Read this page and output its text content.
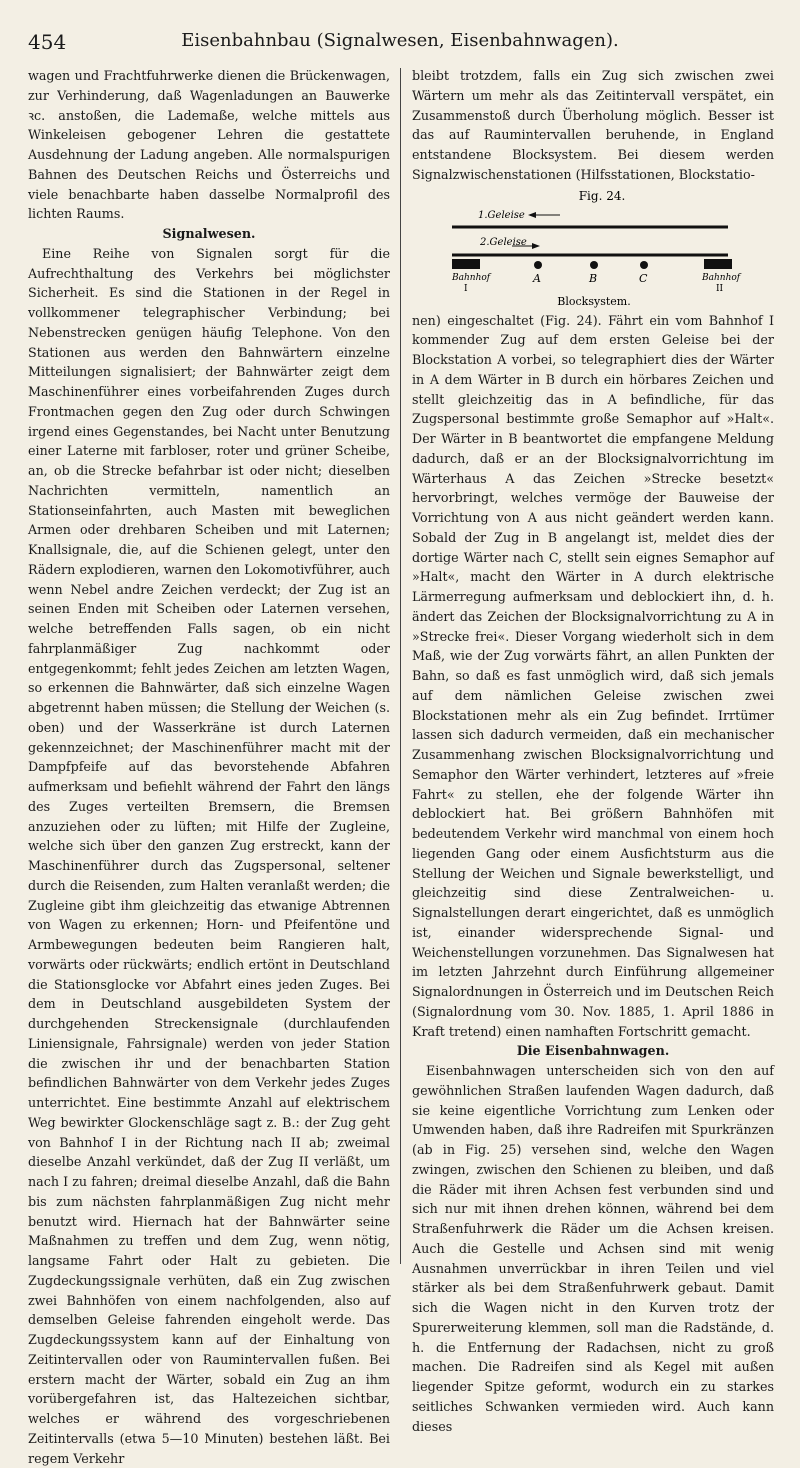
454	Eisenbahnbau (Signalwesen, Eisenbahnwagen).

wagen und Frachtfuhrwerke dienen die Brückenwagen, zur Verhinderung, daß Wagenladungen an Bauwerke ꝛc. anstoßen, die Lademaße, welche mittels aus Winkeleisen gebogener Lehren die gestattete Ausdehnung der Ladung angeben. Alle normalspurigen Bahnen des Deutschen Reichs und Österreichs und viele benachbarte haben dasselbe Normalprofil des lichten Raums.

Signalwesen.

Eine Reihe von Signalen sorgt für die Aufrechthaltung des Verkehrs bei möglichster Sicherheit. Es sind die Stationen in der Regel in vollkommener telegraphischer Verbindung; bei Nebenstrecken genügen häufig Telephone. Von den Stationen aus werden den Bahnwärtern einzelne Mitteilungen signalisiert; der Bahnwärter zeigt dem Maschinenführer eines vorbeifahrenden Zuges durch Frontmachen gegen den Zug oder durch Schwingen irgend eines Gegenstandes, bei Nacht unter Benutzung einer Laterne mit farbloser, roter und grüner Scheibe, an, ob die Strecke befahrbar ist oder nicht; dieselben Nachrichten vermitteln, namentlich an Stationseinfahrten, auch Masten mit beweglichen Armen oder drehbaren Scheiben und mit Laternen; Knallsignale, die, auf die Schienen gelegt, unter den Rädern explodieren, warnen den Lokomotivführer, auch wenn Nebel andre Zeichen verdeckt; der Zug ist an seinen Enden mit Scheiben oder Laternen versehen, welche betreffenden Falls sagen, ob ein nicht fahrplanmäßiger Zug nachkommt oder entgegenkommt; fehlt jedes Zeichen am letzten Wagen, so erkennen die Bahnwärter, daß sich einzelne Wagen abgetrennt haben müssen; die Stellung der Weichen (s. oben) und der Wasserkräne ist durch Laternen gekennzeichnet; der Maschinenführer macht mit der Dampfpfeife auf das bevorstehende Abfahren aufmerksam und befiehlt während der Fahrt den längs des Zuges verteilten Bremsern, die Bremsen anzuziehen oder zu lüften; mit Hilfe der Zugleine, welche sich über den ganzen Zug erstreckt, kann der Maschinenführer durch das Zugspersonal, seltener durch die Reisenden, zum Halten veranlaßt werden; die Zugleine gibt ihm gleichzeitig das etwanige Abtrennen von Wagen zu erkennen; Horn- und Pfeifentöne und Armbewegungen bedeuten beim Rangieren halt, vorwärts oder rückwärts; endlich ertönt in Deutschland die Stationsglocke vor Abfahrt eines jeden Zuges. Bei dem in Deutschland ausgebildeten System der durchgehenden Streckensignale (durchlaufenden Liniensignale, Fahrsignale) werden von jeder Station die zwischen ihr und der benachbarten Station befindlichen Bahnwärter von dem Verkehr jedes Zuges unterrichtet. Eine bestimmte Anzahl auf elektrischem Weg bewirkter Glockenschläge sagt z. B.: der Zug geht von Bahnhof I in der Richtung nach II ab; zweimal dieselbe Anzahl verkündet, daß der Zug II verläßt, um nach I zu fahren; dreimal dieselbe Anzahl, daß die Bahn bis zum nächsten fahrplanmäßigen Zug nicht mehr benutzt wird. Hiernach hat der Bahnwärter seine Maßnahmen zu treffen und dem Zug, wenn nötig, langsame Fahrt oder Halt zu gebieten. Die Zugdeckungssignale verhüten, daß ein Zug zwischen zwei Bahnhöfen von einem nachfolgenden, also auf demselben Geleise fahrenden eingeholt werde. Das Zugdeckungssystem kann auf der Einhaltung von Zeitintervallen oder von Raumintervallen fußen. Bei erstern macht der Wärter, sobald ein Zug an ihm vorübergefahren ist, das Haltezeichen sichtbar, welches er während des vorgeschriebenen Zeitintervalls (etwa 5—10 Minuten) bestehen läßt. Bei regem Verkehr

bleibt trotzdem, falls ein Zug sich zwischen zwei Wärtern um mehr als das Zeitintervall verspätet, ein Zusammenstoß durch Überholung möglich. Besser ist das auf Raumintervallen beruhende, in England entstandene Blocksystem. Bei diesem werden Signalzwischenstationen (Hilfsstationen, Blockstatio-

Fig. 24.
1.Geleise
2.Geleise
Bahnhof
I
Bahnhof
II
A	B	C
Blocksystem.

nen) eingeschaltet (Fig. 24). Fährt ein vom Bahnhof I kommender Zug auf dem ersten Geleise bei der Blockstation A vorbei, so telegraphiert dies der Wärter in A dem Wärter in B durch ein hörbares Zeichen und stellt gleichzeitig das in A befindliche, für das Zugspersonal bestimmte große Semaphor auf »Halt«. Der Wärter in B beantwortet die empfangene Meldung dadurch, daß er an der Blocksignalvorrichtung im Wärterhaus A das Zeichen »Strecke besetzt« hervorbringt, welches vermöge der Bauweise der Vorrichtung von A aus nicht geändert werden kann. Sobald der Zug in B angelangt ist, meldet dies der dortige Wärter nach C, stellt sein eignes Semaphor auf »Halt«, macht den Wärter in A durch elektrische Lärmerregung aufmerksam und deblockiert ihn, d. h. ändert das Zeichen der Blocksignalvorrichtung zu A in »Strecke frei«. Dieser Vorgang wiederholt sich in dem Maß, wie der Zug vorwärts fährt, an allen Punkten der Bahn, so daß es fast unmöglich wird, daß sich jemals auf dem nämlichen Geleise zwischen zwei Blockstationen mehr als ein Zug befindet. Irrtümer lassen sich dadurch vermeiden, daß ein mechanischer Zusammenhang zwischen Blocksignalvorrichtung und Semaphor den Wärter verhindert, letzteres auf »freie Fahrt« zu stellen, ehe der folgende Wärter ihn deblockiert hat. Bei größern Bahnhöfen mit bedeutendem Verkehr wird manchmal von einem hoch liegenden Gang oder einem Ausfichtsturm aus die Stellung der Weichen und Signale bewerkstelligt, und gleichzeitig sind diese Zentralweichen- u. Signalstellungen derart eingerichtet, daß es unmöglich ist, einander widersprechende Signal- und Weichenstellungen vorzunehmen. Das Signalwesen hat im letzten Jahrzehnt durch Einführung allgemeiner Signalordnungen in Österreich und im Deutschen Reich (Signalordnung vom 30. Nov. 1885, 1. April 1886 in Kraft tretend) einen namhaften Fortschritt gemacht.

Die Eisenbahnwagen.

Eisenbahnwagen unterscheiden sich von den auf gewöhnlichen Straßen laufenden Wagen dadurch, daß sie keine eigentliche Vorrichtung zum Lenken oder Umwenden haben, daß ihre Radreifen mit Spurkränzen (ab in Fig. 25) versehen sind, welche den Wagen zwingen, zwischen den Schienen zu bleiben, und daß die Räder mit ihren Achsen fest verbunden sind und sich nur mit ihnen drehen können, während bei dem Straßenfuhrwerk die Räder um die Achsen kreisen. Auch die Gestelle und Achsen sind mit wenig Ausnahmen unverrückbar in ihren Teilen und viel stärker als bei dem Straßenfuhrwerk gebaut. Damit sich die Wagen nicht in den Kurven trotz der Spurerweiterung klemmen, soll man die Radstände, d. h. die Entfernung der Radachsen, nicht zu groß machen. Die Radreifen sind als Kegel mit außen liegender Spitze geformt, wodurch ein zu starkes seitliches Schwanken vermieden wird. Auch kann dieses
